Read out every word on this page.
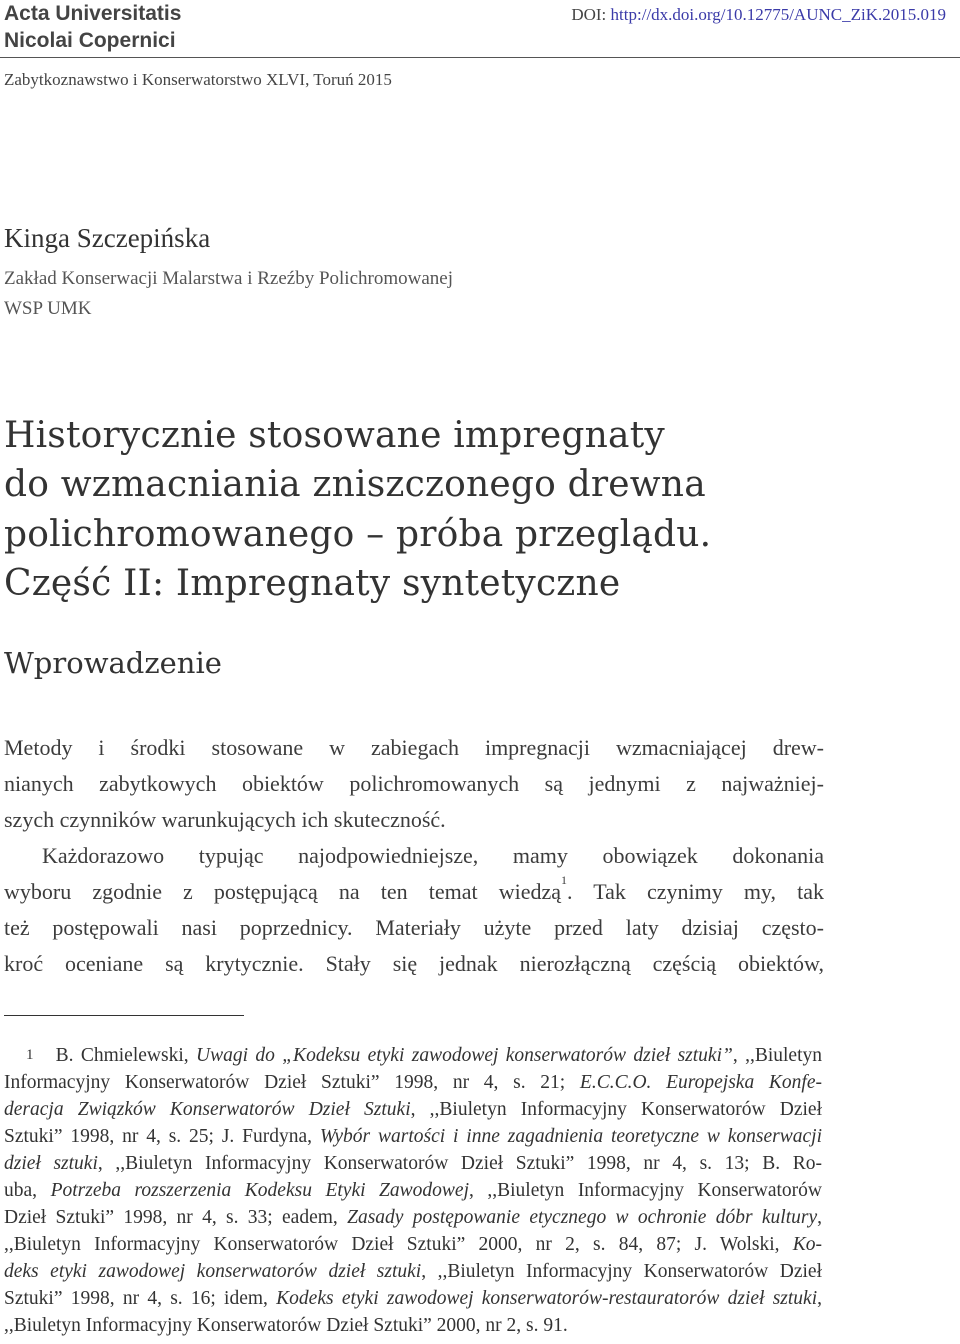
Acta Universitatis
Nicolai Copernici
DOI: http://dx.doi.org/10.12775/AUNC_ZiK.2015.019
Zabytkoznawstwo i Konserwatorstwo XLVI, Toruń 2015
Kinga Szczepińska
Zakład Konserwacji Malarstwa i Rzeźby Polichromowanej
WSP UMK
Historycznie stosowane impregnaty
do wzmacniania zniszczonego drewna
polichromowanego – próba przeglądu.
Część II: Impregnaty syntetyczne
Wprowadzenie
Metody i środki stosowane w zabiegach impregnacji wzmacniającej drew-
nianych zabytkowych obiektów polichromowanych są jednymi z najważniej-
szych czynników warunkujących ich skuteczność.
Każdorazowo typując najodpowiedniejsze, mamy obowiązek dokonania
wyboru zgodnie z postępującą na ten temat wiedzą$^1$. Tak czynimy my, tak
też postępowali nasi poprzednicy. Materiały użyte przed laty dzisiaj często-
kroć oceniane są krytycznie. Stały się jednak nierozłączną częścią obiektów,
$^1$ B. Chmielewski, Uwagi do „Kodeksu etyki zawodowej konserwatorów dzieł sztuki”, ,,Biuletyn
Informacyjny Konserwatorów Dzieł Sztuki” 1998, nr 4, s. 21; E.C.C.O. Europejska Konfe-
deracja Związków Konserwatorów Dzieł Sztuki, ,,Biuletyn Informacyjny Konserwatorów Dzieł
Sztuki” 1998, nr 4, s. 25; J. Furdyna, Wybór wartości i inne zagadnienia teoretyczne w konserwacji
dzieł sztuki, ,,Biuletyn Informacyjny Konserwatorów Dzieł Sztuki” 1998, nr 4, s. 13; B. Ro-
uba, Potrzeba rozszerzenia Kodeksu Etyki Zawodowej, ,,Biuletyn Informacyjny Konserwatorów
Dzieł Sztuki” 1998, nr 4, s. 33; eadem, Zasady postępowanie etycznego w ochronie dóbr kultury,
,,Biuletyn Informacyjny Konserwatorów Dzieł Sztuki” 2000, nr 2, s. 84, 87; J. Wolski, Ko-
deks etyki zawodowej konserwatorów dzieł sztuki, ,,Biuletyn Informacyjny Konserwatorów Dzieł
Sztuki” 1998, nr 4, s. 16; idem, Kodeks etyki zawodowej konserwatorów-restauratorów dzieł sztuki,
,,Biuletyn Informacyjny Konserwatorów Dzieł Sztuki” 2000, nr 2, s. 91.
